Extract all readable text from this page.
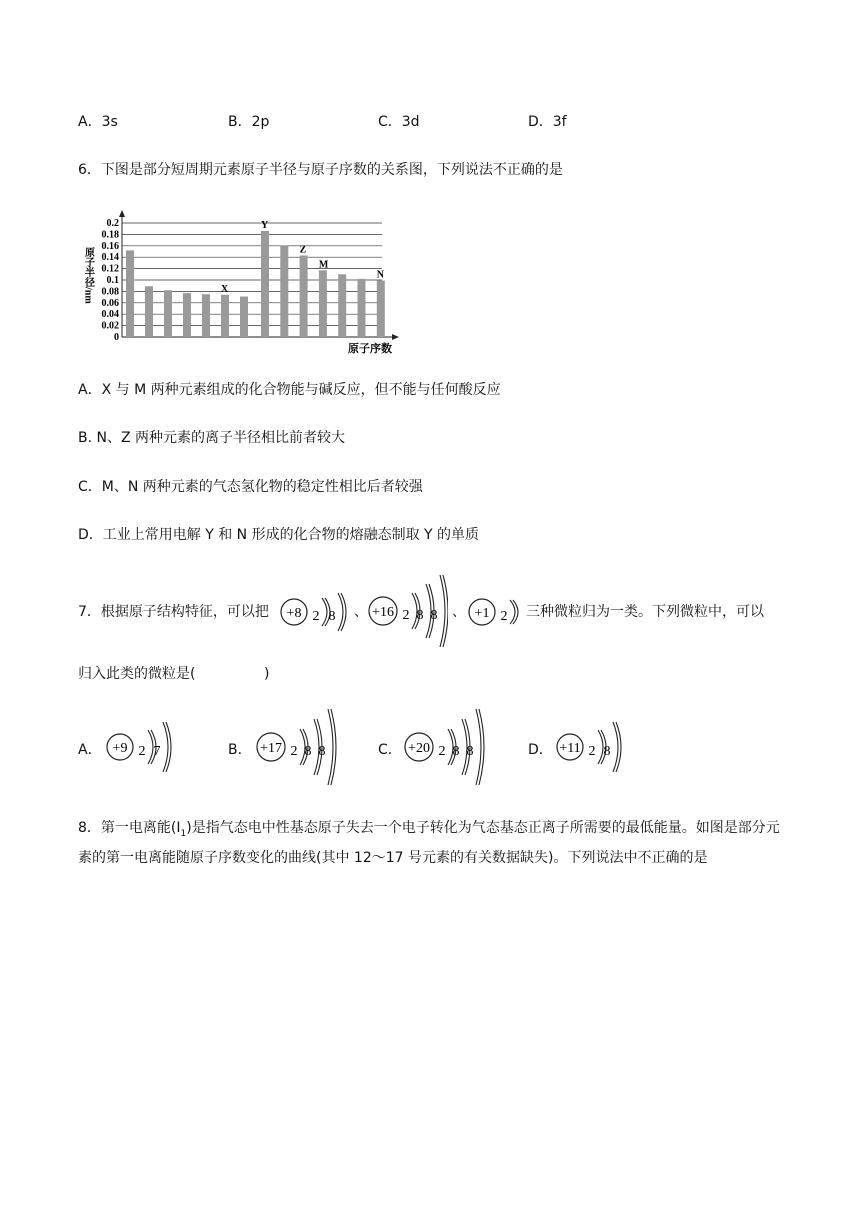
A．3s	B．2p	C．3d	D．3f
6．下图是部分短周期元素原子半径与原子序数的关系图，下列说法不正确的是
0.2
0.18
0.16
0.14
0.12
0.1
0.08
0.06
0.04
0.02
0
原子半径/nm
原子序数
X
Y
Z
M
N
A．X 与 M 两种元素组成的化合物能与碱反应，但不能与任何酸反应
B. N、Z 两种元素的离子半径相比前者较大
C．M、N 两种元素的气态氢化物的稳定性相比后者较强
D．工业上常用电解 Y 和 N 形成的化合物的熔融态制取 Y 的单质
7．根据原子结构特征，可以把 +8 2 8 、 +16 2 8 8 、 +1 2 三种微粒归为一类。下列微粒中，可以
归入此类的微粒是(	)
A． +9 2 7	B． +17 2 8 8	C． +20 2 8 8	D． +11 2 8
8．第一电离能$(I_1)$是指气态电中性基态原子失去一个电子转化为气态基态正离子所需要的最低能量。如图是部分元素的第一电离能随原子序数变化的曲线(其中 12～17 号元素的有关数据缺失)。下列说法中不正确的是
